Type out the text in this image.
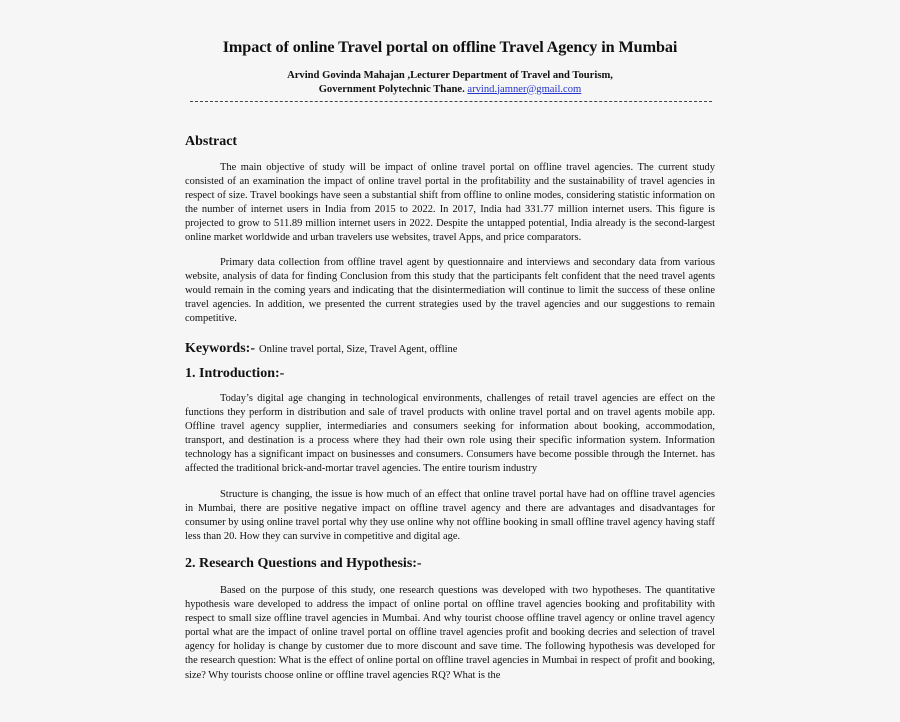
Impact of online Travel portal on offline Travel Agency in Mumbai
Arvind Govinda Mahajan ,Lecturer Department of Travel and Tourism,
Government Polytechnic Thane. arvind.jamner@gmail.com
Abstract
The main objective of study will be impact of online travel portal on offline travel agencies. The current study consisted of an examination the impact of online travel portal in the profitability and the sustainability of travel agencies in respect of size. Travel bookings have seen a substantial shift from offline to online modes, considering statistic information on the number of internet users in India from 2015 to 2022. In 2017, India had 331.77 million internet users. This figure is projected to grow to 511.89 million internet users in 2022. Despite the untapped potential, India already is the second-largest online market worldwide and urban travelers use websites, travel Apps, and price comparators.
Primary data collection from offline travel agent by questionnaire and interviews and secondary data from various website, analysis of data for finding Conclusion from this study that the participants felt confident that the need travel agents would remain in the coming years and indicating that the disintermediation will continue to limit the success of these online travel agencies. In addition, we presented the current strategies used by the travel agencies and our suggestions to remain competitive.
Keywords:- Online travel portal, Size, Travel Agent, offline
1. Introduction:-
Today’s digital age changing in technological environments, challenges of retail travel agencies are effect on the functions they perform in distribution and sale of travel products with online travel portal and on travel agents mobile app. Offline travel agency supplier, intermediaries and consumers seeking for information about booking, accommodation, transport, and destination is a process where they had their own role using their specific information system. Information technology has a significant impact on businesses and consumers. Consumers have become possible through the Internet. has affected the traditional brick-and-mortar travel agencies. The entire tourism industry
Structure is changing, the issue is how much of an effect that online travel portal have had on offline travel agencies in Mumbai, there are positive negative impact on offline travel agency and there are advantages and disadvantages for consumer by using online travel portal why they use online why not offline booking in small offline travel agency having staff less than 20. How they can survive in competitive and digital age.
2. Research Questions and Hypothesis:-
Based on the purpose of this study, one research questions was developed with two hypotheses. The quantitative hypothesis ware developed to address the impact of online portal on offline travel agencies booking and profitability with respect to small size offline travel agencies in Mumbai. And why tourist choose offline travel agency or online travel agency portal what are the impact of online travel portal on offline travel agencies profit and booking decries and selection of travel agency for holiday is change by customer due to more discount and save time. The following hypothesis was developed for the research question: What is the effect of online portal on offline travel agencies in Mumbai in respect of profit and booking, size? Why tourists choose online or offline travel agencies RQ? What is the
